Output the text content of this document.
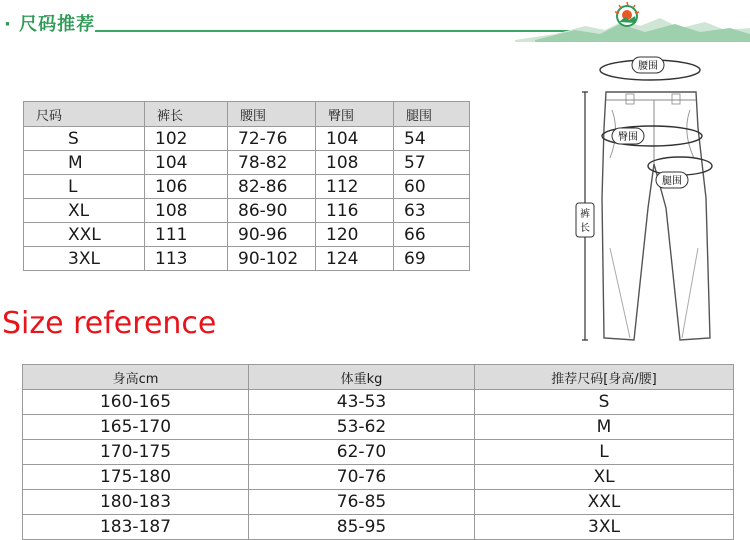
· 尺码推荐
尺码	裤长	腰围	臀围	腿围
S	102	72-76	104	54
M	104	78-82	108	57
L	106	82-86	112	60
XL	108	86-90	116	63
XXL	111	90-96	120	66
3XL	113	90-102	124	69
Size reference
裤
长
腰围
臀围
腿围
身高cm	体重kg	推荐尺码[身高/腰]
160-165	43-53	S
165-170	53-62	M
170-175	62-70	L
175-180	70-76	XL
180-183	76-85	XXL
183-187	85-95	3XL
